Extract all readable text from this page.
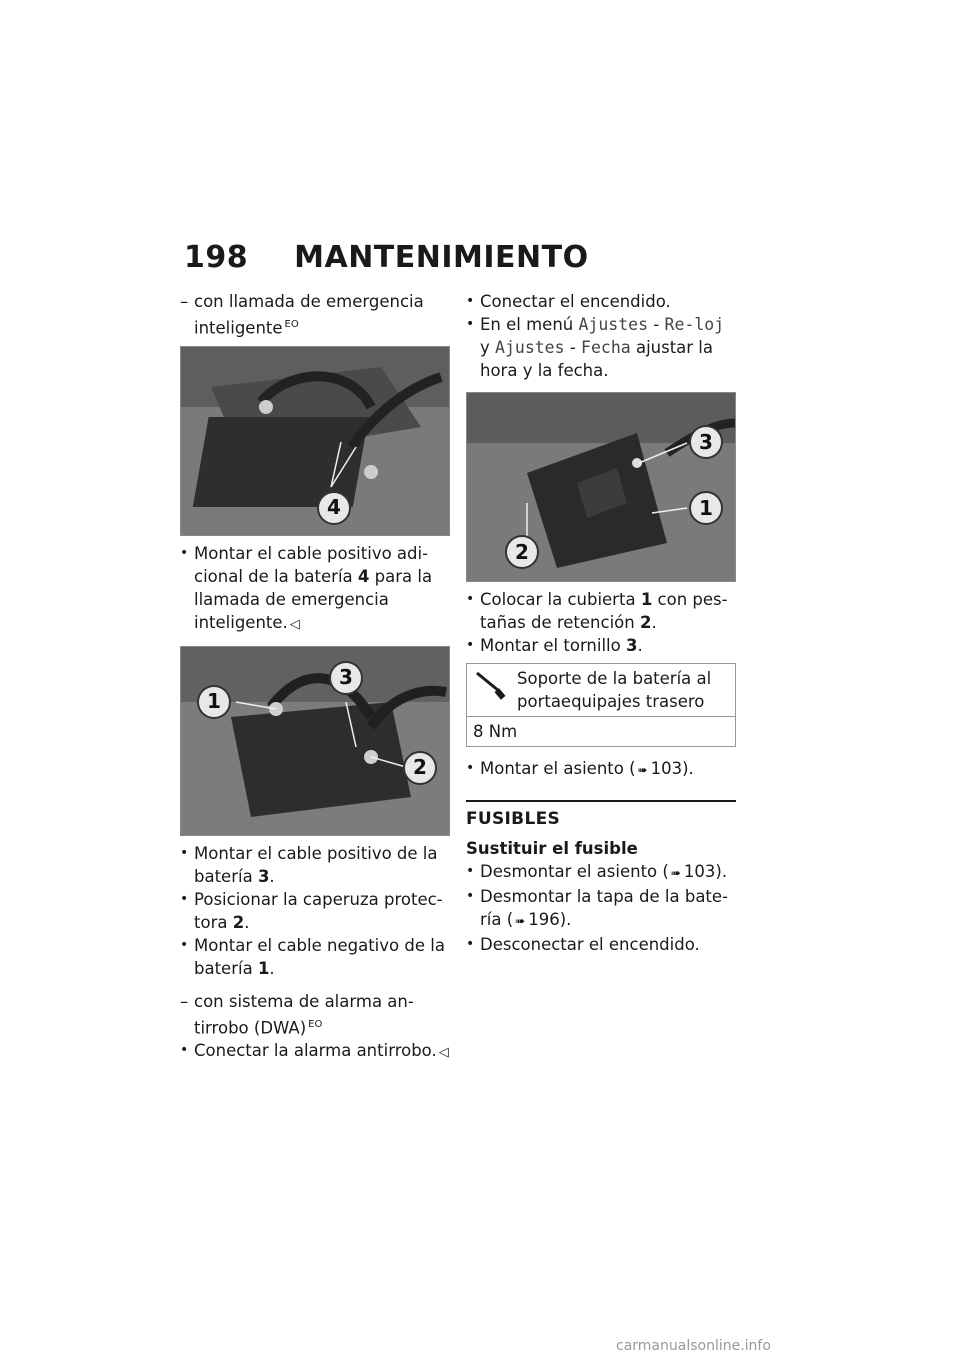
198 MANTENIMIENTO
– con llamada de emergencia inteligente $^{EO}$
4
• Montar el cable positivo adi-cional de la batería 4 para la llamada de emergencia inteligente. ◁
1
3
2
• Montar el cable positivo de la batería 3.
• Posicionar la caperuza protec-tora 2.
• Montar el cable negativo de la batería 1.
– con sistema de alarma an-tirrobo (DWA) $^{EO}$
• Conectar la alarma antirrobo. ◁
• Conectar el encendido.
• En el menú Ajustes - Re-loj y Ajustes - Fecha ajustar la hora y la fecha.
3
1
2
• Colocar la cubierta 1 con pes-tañas de retención 2.
• Montar el tornillo 3.
Soporte de la batería al portaequipajes trasero

8 Nm
• Montar el asiento ( ➠ 103).
FUSIBLES
Sustituir el fusible
• Desmontar el asiento ( ➠ 103).
• Desmontar la tapa de la bate-ría ( ➠ 196).
• Desconectar el encendido.
carmanualsonline.info
